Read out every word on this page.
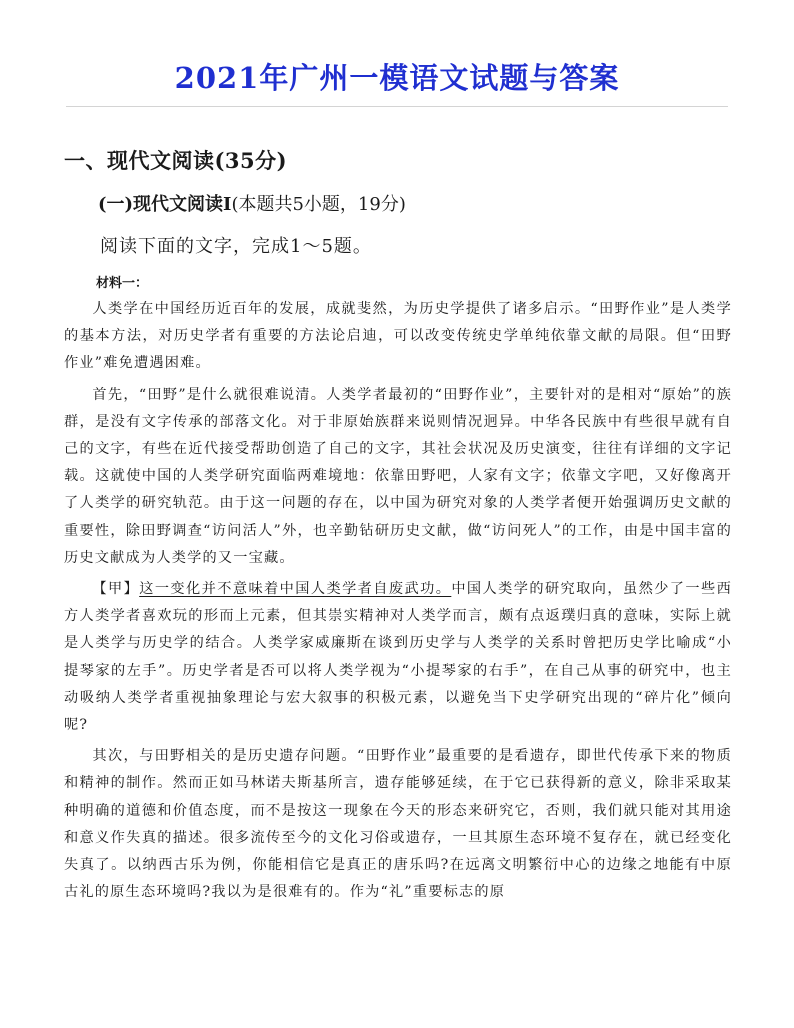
2021年广州一模语文试题与答案
一、现代文阅读(35分)
(一)现代文阅读Ⅰ(本题共5小题，19分)

阅读下面的文字，完成1～5题。

材料一：

人类学在中国经历近百年的发展，成就斐然，为历史学提供了诸多启示。“田野作业”是人类学的基本方法，对历史学者有重要的方法论启迪，可以改变传统史学单纯依靠文献的局限。但“田野作业”难免遭遇困难。

首先，“田野”是什么就很难说清。人类学者最初的“田野作业”，主要针对的是相对“原始”的族群，是没有文字传承的部落文化。对于非原始族群来说则情况迥异。中华各民族中有些很早就有自己的文字，有些在近代接受帮助创造了自己的文字，其社会状况及历史演变，往往有详细的文字记载。这就使中国的人类学研究面临两难境地：依靠田野吧，人家有文字；依靠文字吧，又好像离开了人类学的研究轨范。由于这一问题的存在，以中国为研究对象的人类学者便开始强调历史文献的重要性，除田野调查“访问活人”外，也辛勤钻研历史文献，做“访问死人”的工作，由是中国丰富的历史文献成为人类学的又一宝藏。

【甲】这一变化并不意味着中国人类学者自废武功。中国人类学的研究取向，虽然少了一些西方人类学者喜欢玩的形而上元素，但其崇实精神对人类学而言，颇有点返璞归真的意味，实际上就是人类学与历史学的结合。人类学家威廉斯在谈到历史学与人类学的关系时曾把历史学比喻成“小提琴家的左手”。历史学者是否可以将人类学视为“小提琴家的右手”，在自己从事的研究中，也主动吸纳人类学者重视抽象理论与宏大叙事的积极元素，以避免当下史学研究出现的“碎片化”倾向呢?

其次，与田野相关的是历史遗存问题。“田野作业”最重要的是看遗存，即世代传承下来的物质和精神的制作。然而正如马林诺夫斯基所言，遗存能够延续，在于它已获得新的意义，除非采取某种明确的道德和价值态度，而不是按这一现象在今天的形态来研究它，否则，我们就只能对其用途和意义作失真的描述。很多流传至今的文化习俗或遗存，一旦其原生态环境不复存在，就已经变化失真了。以纳西古乐为例，你能相信它是真正的唐乐吗?在远离文明繁衍中心的边缘之地能有中原古礼的原生态环境吗?我以为是很难有的。作为“礼”重要标志的原
